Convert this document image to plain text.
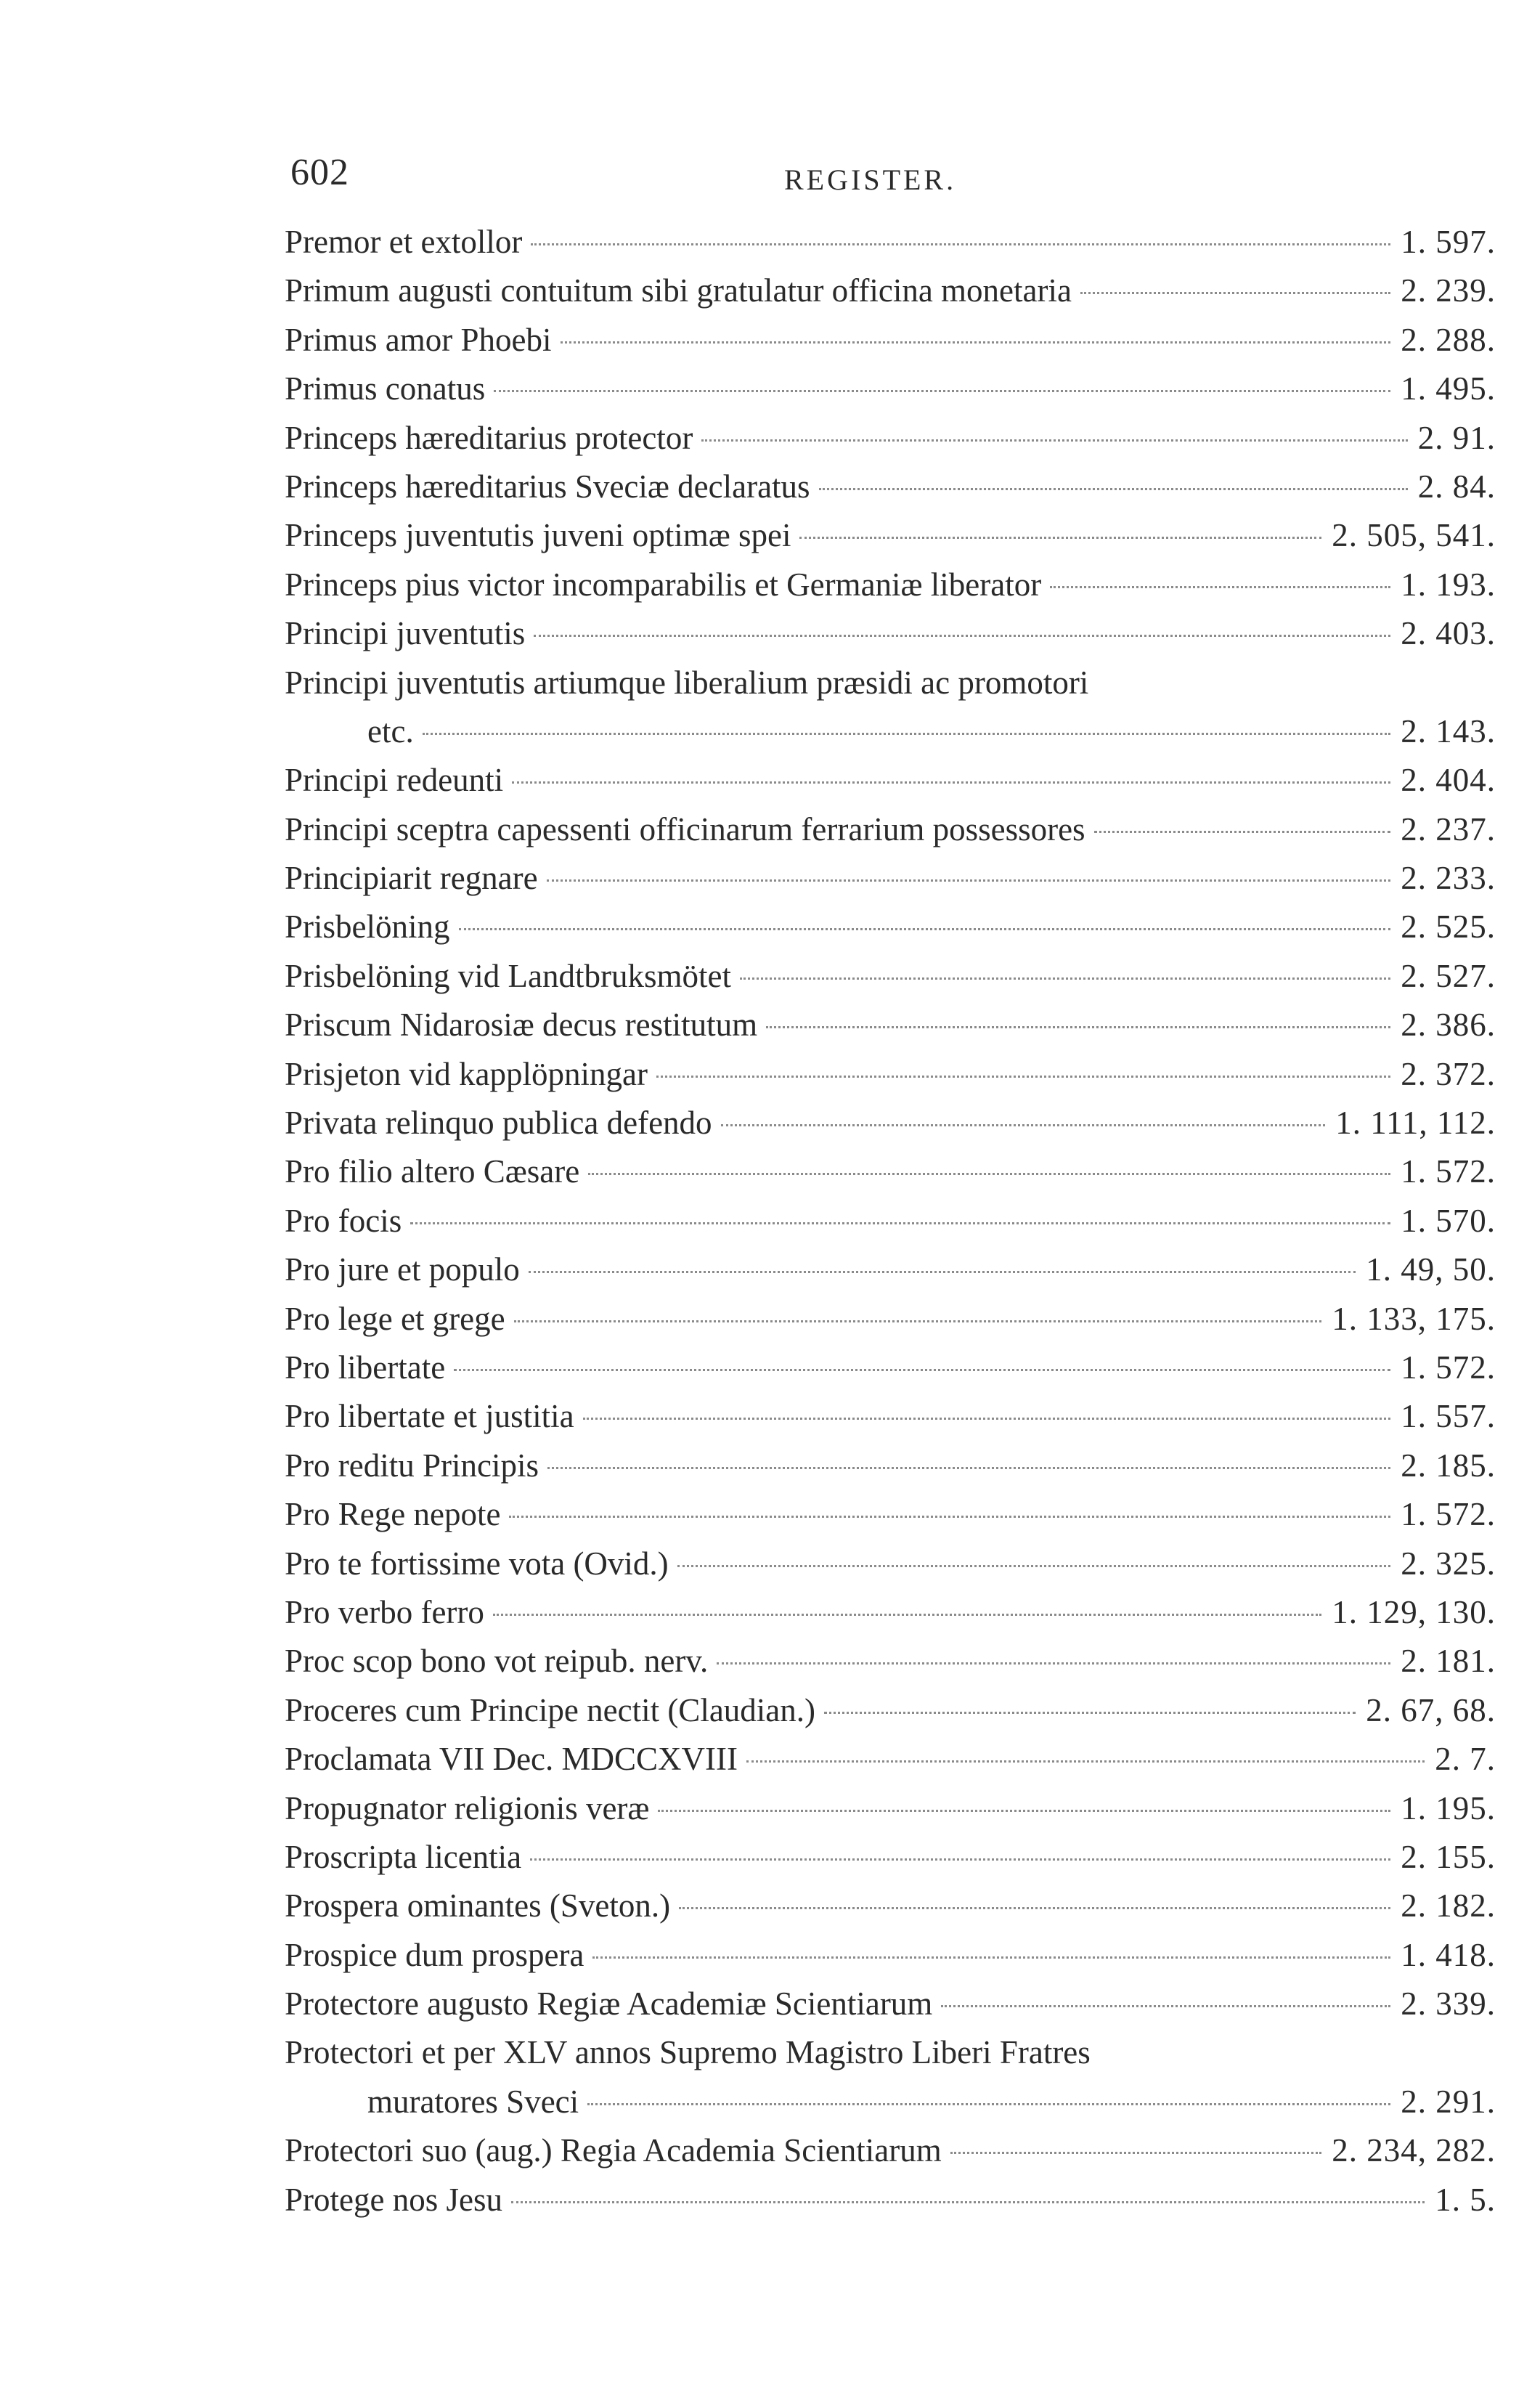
602	REGISTER.
Premor et extollor	1. 597.
Primum augusti contuitum sibi gratulatur officina monetaria	2. 239.
Primus amor Phoebi	2. 288.
Primus conatus	1. 495.
Princeps hæreditarius protector	2. 91.
Princeps hæreditarius Sveciæ declaratus	2. 84.
Princeps juventutis juveni optimæ spei	2. 505, 541.
Princeps pius victor incomparabilis et Germaniæ liberator	1. 193.
Principi juventutis	2. 403.
Principi juventutis artiumque liberalium præsidi ac promotori
etc.	2. 143.
Principi redeunti	2. 404.
Principi sceptra capessenti officinarum ferrarium possessores	2. 237.
Principiarit regnare	2. 233.
Prisbelöning	2. 525.
Prisbelöning vid Landtbruksmötet	2. 527.
Priscum Nidarosiæ decus restitutum	2. 386.
Prisjeton vid kapplöpningar	2. 372.
Privata relinquo publica defendo	1. 111, 112.
Pro filio altero Cæsare	1. 572.
Pro focis	1. 570.
Pro jure et populo	1. 49, 50.
Pro lege et grege	1. 133, 175.
Pro libertate	1. 572.
Pro libertate et justitia	1. 557.
Pro reditu Principis	2. 185.
Pro Rege nepote	1. 572.
Pro te fortissime vota (Ovid.)	2. 325.
Pro verbo ferro	1. 129, 130.
Proc scop bono vot reipub. nerv.	2. 181.
Proceres cum Principe nectit (Claudian.)	2. 67, 68.
Proclamata VII Dec. MDCCXVIII	2. 7.
Propugnator religionis veræ	1. 195.
Proscripta licentia	2. 155.
Prospera ominantes (Sveton.)	2. 182.
Prospice dum prospera	1. 418.
Protectore augusto Regiæ Academiæ Scientiarum	2. 339.
Protectori et per XLV annos Supremo Magistro Liberi Fratres
muratores Sveci	2. 291.
Protectori suo (aug.) Regia Academia Scientiarum	2. 234, 282.
Protege nos Jesu	1. 5.
